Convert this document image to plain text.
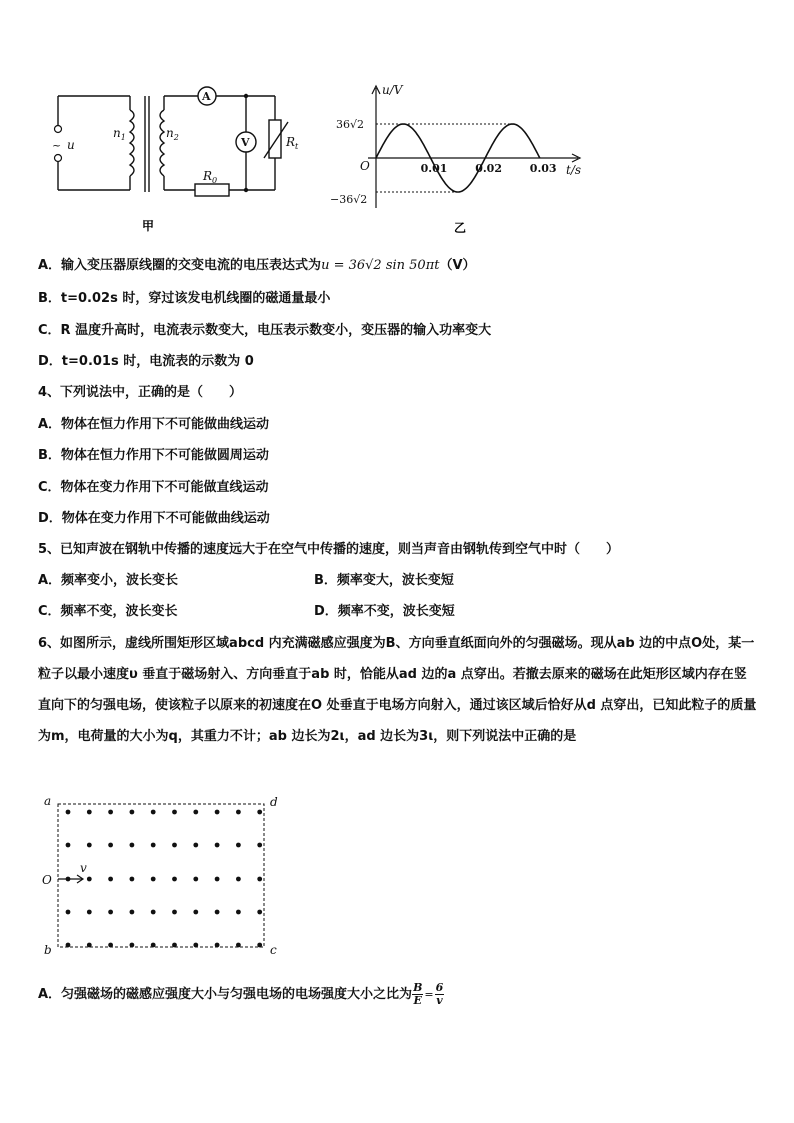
~ u
$n_1$	$n_2$
A
V	$R_t$
$R_0$
甲
0.01	0.02	0.03
u/V
t/s
O
36√2
−36√2
乙
A．输入变压器原线圈的交变电流的电压表达式为u = 36√2 sin 50πt（V）
B．t=0.02s 时，穿过该发电机线圈的磁通量最小
C．R 温度升高时，电流表示数变大，电压表示数变小，变压器的输入功率变大
D．t=0.01s 时，电流表的示数为 0
4、下列说法中，正确的是（　　）
A．物体在恒力作用下不可能做曲线运动
B．物体在恒力作用下不可能做圆周运动
C．物体在变力作用下不可能做直线运动
D．物体在变力作用下不可能做曲线运动
5、已知声波在钢轨中传播的速度远大于在空气中传播的速度，则当声音由钢轨传到空气中时（　　）
A．频率变小，波长变长	B．频率变大，波长变短
C．频率不变，波长变长	D．频率不变，波长变短
6、如图所示，虚线所围矩形区域abcd 内充满磁感应强度为B、方向垂直纸面向外的匀强磁场。现从ab 边的中点O处，某一粒子以最小速度υ 垂直于磁场射入、方向垂直于ab 时，恰能从ad 边的a 点穿出。若撤去原来的磁场在此矩形区域内存在竖直向下的匀强电场，使该粒子以原来的初速度在O 处垂直于电场方向射入，通过该区域后恰好从d 点穿出，已知此粒子的质量为m，电荷量的大小为q，其重力不计；ab 边长为2ι，ad 边长为3ι，则下列说法中正确的是
a	d
b	c
O
v
A．匀强磁场的磁感应强度大小与匀强电场的电场强度大小之比为 $\frac{B}{E} = \frac{6}{v}$
